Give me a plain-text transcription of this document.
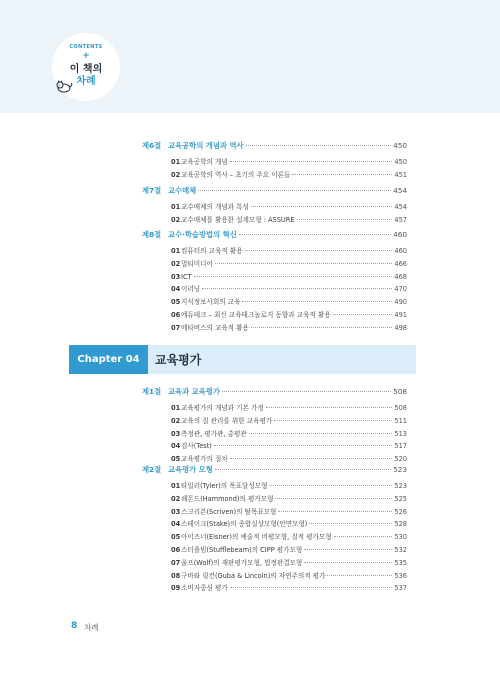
CONTENTS
+
이 책의
차례
제6절 교육공학의 개념과 역사	450
01 교육공학의 개념	450
02 교육공학의 역사 – 초기의 주요 이론들	451
제7절 교수매체	454
01 교수매체의 개념과 특성	454
02 교수매체를 활용한 설계모형 : ASSURE	457
제8절 교수·학습방법의 혁신	460
01 컴퓨터의 교육적 활용	460
02 멀티미디어	466
03 ICT	468
04 이러닝	470
05 지식정보사회의 교육	490
06 에듀테크 – 최신 교육테크놀로지 동향과 교육적 활용	491
07 메타버스의 교육적 활용	498
Chapter 04	교육평가
제1절 교육과 교육평가	508
01 교육평가의 개념과 기본 가정	508
02 교육의 질 관리를 위한 교육평가	511
03 측정관, 평가관, 총평관	513
04 검사(Test)	517
05 교육평가의 절차	520
제2절 교육평가 모형	523
01 타일러(Tyler)의 목표달성모형	523
02 해몬드(Hammond)의 평가모형	525
03 스크리븐(Scriven)의 탈목표모형	526
04 스테이크(Stake)의 종합실상모형(안면모형)	528
05 아이즈너(Eisner)의 예술적 비평모형, 질적 평가모형	530
06 스터플빔(Stufflebeam)의 CIPP 평가모형	532
07 울프(Wolf)의 재판평가모형, 법정판결모형	535
08 구바와 링컨(Guba & Lincoln)의 자연주의적 평가	536
09 소비자중심 평가	537
8 차례
